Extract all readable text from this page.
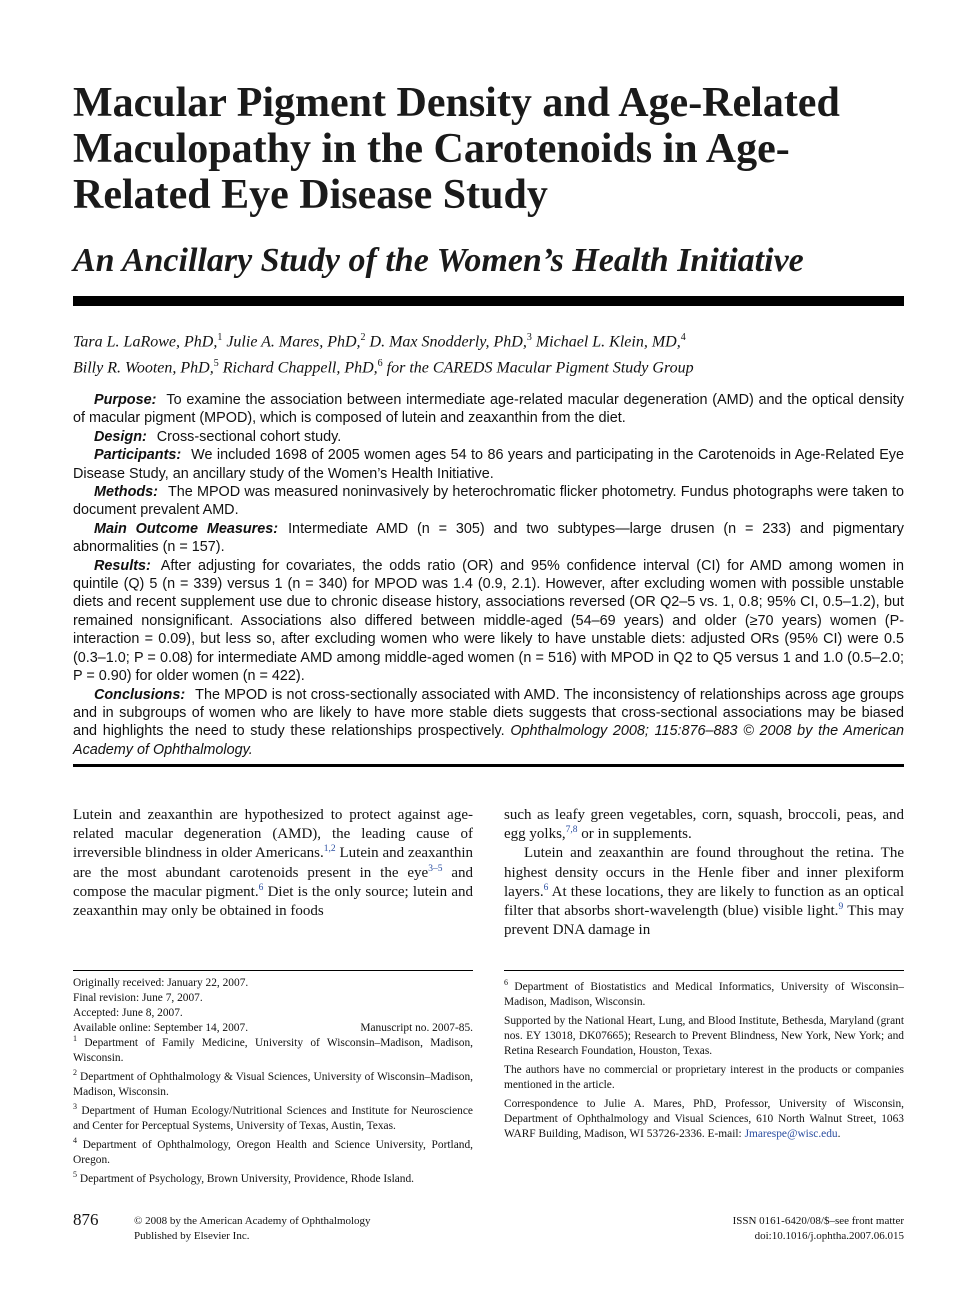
Macular Pigment Density and Age-Related Maculopathy in the Carotenoids in Age-Related Eye Disease Study
An Ancillary Study of the Women’s Health Initiative
Tara L. LaRowe, PhD,$^1$ Julie A. Mares, PhD,$^2$ D. Max Snodderly, PhD,$^3$ Michael L. Klein, MD,$^4$
Billy R. Wooten, PhD,$^5$ Richard Chappell, PhD,$^6$ for the CAREDS Macular Pigment Study Group

Purpose: To examine the association between intermediate age-related macular degeneration (AMD) and the optical density of macular pigment (MPOD), which is composed of lutein and zeaxanthin from the diet.

Design: Cross-sectional cohort study.

Participants: We included 1698 of 2005 women ages 54 to 86 years and participating in the Carotenoids in Age-Related Eye Disease Study, an ancillary study of the Women’s Health Initiative.

Methods: The MPOD was measured noninvasively by heterochromatic flicker photometry. Fundus photographs were taken to document prevalent AMD.

Main Outcome Measures: Intermediate AMD (n = 305) and two subtypes—large drusen (n = 233) and pigmentary abnormalities (n = 157).

Results: After adjusting for covariates, the odds ratio (OR) and 95% confidence interval (CI) for AMD among women in quintile (Q) 5 (n = 339) versus 1 (n = 340) for MPOD was 1.4 (0.9, 2.1). However, after excluding women with possible unstable diets and recent supplement use due to chronic disease history, associations reversed (OR Q2–5 vs. 1, 0.8; 95% CI, 0.5–1.2), but remained nonsignificant. Associations also differed between middle-aged (54–69 years) and older (≥70 years) women (P-interaction = 0.09), but less so, after excluding women who were likely to have unstable diets: adjusted ORs (95% CI) were 0.5 (0.3–1.0; P = 0.08) for intermediate AMD among middle-aged women (n = 516) with MPOD in Q2 to Q5 versus 1 and 1.0 (0.5–2.0; P = 0.90) for older women (n = 422).

Conclusions: The MPOD is not cross-sectionally associated with AMD. The inconsistency of relationships across age groups and in subgroups of women who are likely to have more stable diets suggests that cross-sectional associations may be biased and highlights the need to study these relationships prospectively. Ophthalmology 2008; 115:876–883 © 2008 by the American Academy of Ophthalmology.

Lutein and zeaxanthin are hypothesized to protect against age-related macular degeneration (AMD), the leading cause of irreversible blindness in older Americans.$^{1,2}$ Lutein and zeaxanthin are the most abundant carotenoids present in the eye$^{3-5}$ and compose the macular pigment.$^6$ Diet is the only source; lutein and zeaxanthin may only be obtained in foods

such as leafy green vegetables, corn, squash, broccoli, peas, and egg yolks,$^{7,8}$ or in supplements.

Lutein and zeaxanthin are found throughout the retina. The highest density occurs in the Henle fiber and inner plexiform layers.$^6$ At these locations, they are likely to function as an optical filter that absorbs short-wavelength (blue) visible light.$^9$ This may prevent DNA damage in

Originally received: January 22, 2007.

Final revision: June 7, 2007.

Accepted: June 8, 2007.

Available online: September 14, 2007.	Manuscript no. 2007-85.

$^1$ Department of Family Medicine, University of Wisconsin–Madison, Madison, Wisconsin.

$^2$ Department of Ophthalmology & Visual Sciences, University of Wisconsin–Madison, Madison, Wisconsin.

$^3$ Department of Human Ecology/Nutritional Sciences and Institute for Neuroscience and Center for Perceptual Systems, University of Texas, Austin, Texas.

$^4$ Department of Ophthalmology, Oregon Health and Science University, Portland, Oregon.

$^5$ Department of Psychology, Brown University, Providence, Rhode Island.

$^6$ Department of Biostatistics and Medical Informatics, University of Wisconsin–Madison, Madison, Wisconsin.

Supported by the National Heart, Lung, and Blood Institute, Bethesda, Maryland (grant nos. EY 13018, DK07665); Research to Prevent Blindness, New York, New York; and Retina Research Foundation, Houston, Texas.

The authors have no commercial or proprietary interest in the products or companies mentioned in the article.

Correspondence to Julie A. Mares, PhD, Professor, University of Wisconsin, Department of Ophthalmology and Visual Sciences, 610 North Walnut Street, 1063 WARF Building, Madison, WI 53726-2336. E-mail: Jmarespe@wisc.edu.

876	© 2008 by the American Academy of Ophthalmology
Published by Elsevier Inc.
ISSN 0161-6420/08/$–see front matter
doi:10.1016/j.ophtha.2007.06.015
